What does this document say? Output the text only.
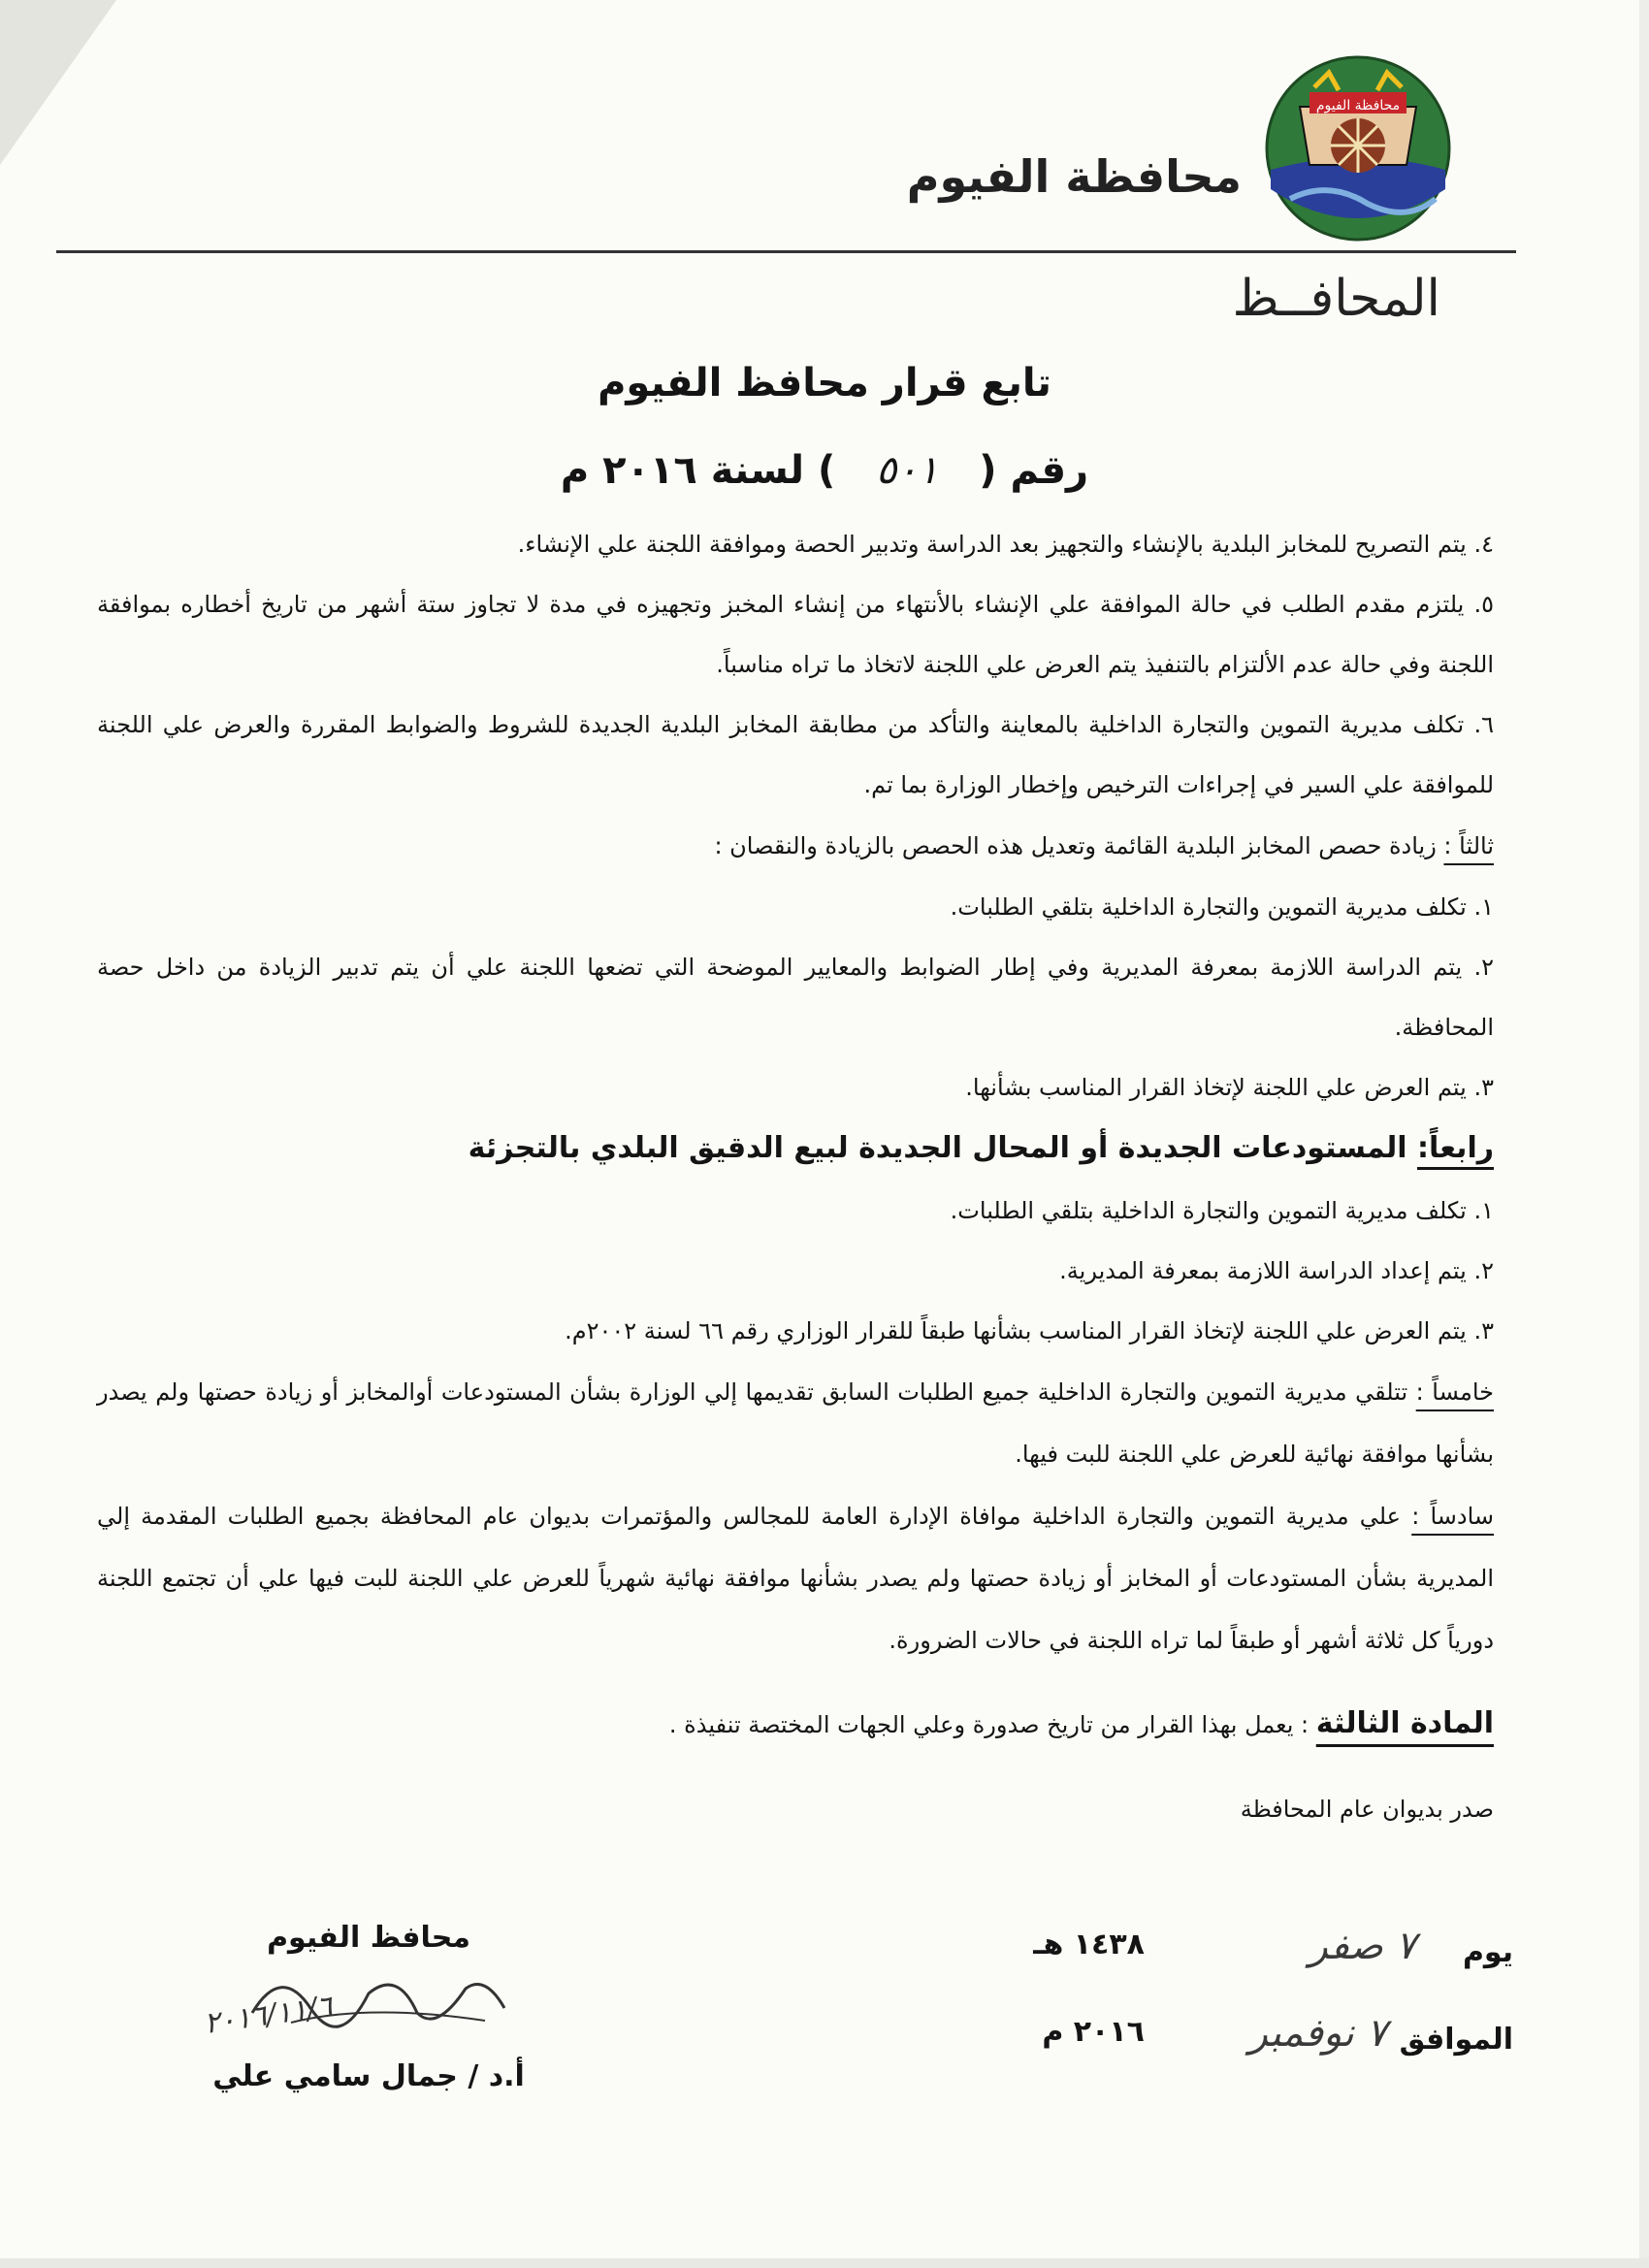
محافظة الفيوم
محافظة الفيوم
المحافــظ
تابع قرار محافظ الفيوم
رقم (   ٥٠١   ) لسنة ٢٠١٦ م

٤. يتم التصريح للمخابز البلدية بالإنشاء والتجهيز بعد الدراسة وتدبير الحصة وموافقة اللجنة علي الإنشاء.

٥. يلتزم مقدم الطلب في حالة الموافقة علي الإنشاء بالأنتهاء من إنشاء المخبز وتجهيزه في مدة لا تجاوز ستة أشهر من تاريخ أخطاره بموافقة اللجنة وفي حالة عدم الألتزام بالتنفيذ يتم العرض علي اللجنة لاتخاذ ما تراه مناسباً.

٦. تكلف مديرية التموين والتجارة الداخلية بالمعاينة والتأكد من مطابقة المخابز البلدية الجديدة للشروط والضوابط المقررة والعرض علي اللجنة للموافقة علي السير في إجراءات الترخيص وإخطار الوزارة بما تم.

ثالثاً : زيادة حصص المخابز البلدية القائمة وتعديل هذه الحصص بالزيادة والنقصان :

١. تكلف مديرية التموين والتجارة الداخلية بتلقي الطلبات.

٢. يتم الدراسة اللازمة بمعرفة المديرية وفي إطار الضوابط والمعايير الموضحة التي تضعها اللجنة علي أن يتم تدبير الزيادة من داخل حصة المحافظة.

٣. يتم العرض علي اللجنة لإتخاذ القرار المناسب بشأنها.

رابعاً: المستودعات الجديدة أو المحال الجديدة لبيع الدقيق البلدي بالتجزئة

١. تكلف مديرية التموين والتجارة الداخلية بتلقي الطلبات.

٢. يتم إعداد الدراسة اللازمة بمعرفة المديرية.

٣. يتم العرض علي اللجنة لإتخاذ القرار المناسب بشأنها طبقاً للقرار الوزاري رقم ٦٦ لسنة ٢٠٠٢م.

خامساً : تتلقي مديرية التموين والتجارة الداخلية جميع الطلبات السابق تقديمها إلي الوزارة بشأن المستودعات أوالمخابز أو زيادة حصتها ولم يصدر بشأنها موافقة نهائية للعرض علي اللجنة للبت فيها.

سادساً : علي مديرية التموين والتجارة الداخلية موافاة الإدارة العامة للمجالس والمؤتمرات بديوان عام المحافظة بجميع الطلبات المقدمة إلي المديرية بشأن المستودعات أو المخابز أو زيادة حصتها ولم يصدر بشأنها موافقة نهائية شهرياً للعرض علي اللجنة للبت فيها علي أن تجتمع اللجنة دورياً كل ثلاثة أشهر أو طبقاً لما تراه اللجنة في حالات الضرورة.

المادة الثالثة : يعمل بهذا القرار من تاريخ صدورة وعلي الجهات المختصة تنفيذة .

صدر بديوان عام المحافظة

يوم
٧ صفر
١٤٣٨ هـ
الموافق
٧ نوفمبر
٢٠١٦ م
محافظ الفيوم
٢٠١٦/١١/٦
أ.د / جمال سامي علي
